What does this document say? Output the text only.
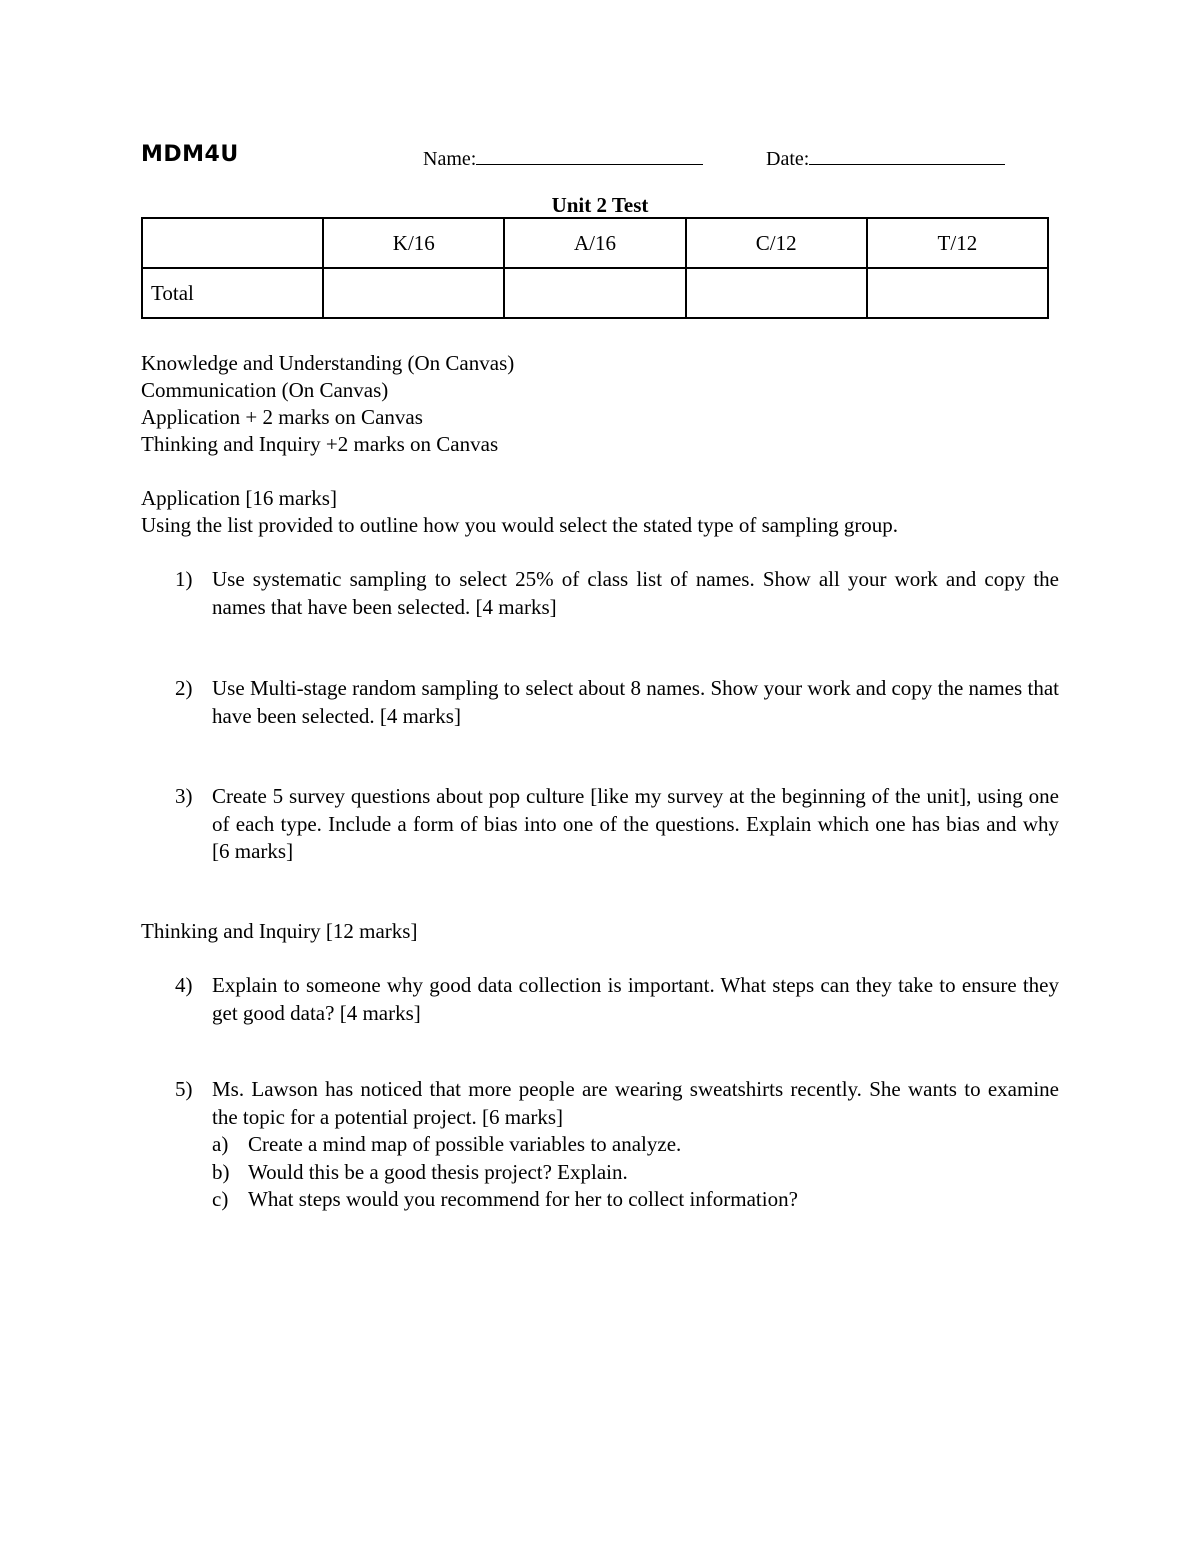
MDM4U	Name:	Date:
Unit 2 Test
	K/16	A/16	C/12	T/12
Total				
Knowledge and Understanding (On Canvas)
Communication (On Canvas)
Application + 2 marks on Canvas
Thinking and Inquiry +2 marks on Canvas
Application [16 marks]
Using the list provided to outline how you would select the stated type of sampling group.
1) Use systematic sampling to select 25% of class list of names. Show all your work and copy the names that have been selected. [4 marks]
2) Use Multi-stage random sampling to select about 8 names. Show your work and copy the names that have been selected. [4 marks]
3) Create 5 survey questions about pop culture [like my survey at the beginning of the unit], using one of each type. Include a form of bias into one of the questions. Explain which one has bias and why [6 marks]
Thinking and Inquiry [12 marks]
4) Explain to someone why good data collection is important. What steps can they take to ensure they get good data? [4 marks]
5) Ms. Lawson has noticed that more people are wearing sweatshirts recently. She wants to examine the topic for a potential project. [6 marks]
a) Create a mind map of possible variables to analyze.
b) Would this be a good thesis project? Explain.
c) What steps would you recommend for her to collect information?
